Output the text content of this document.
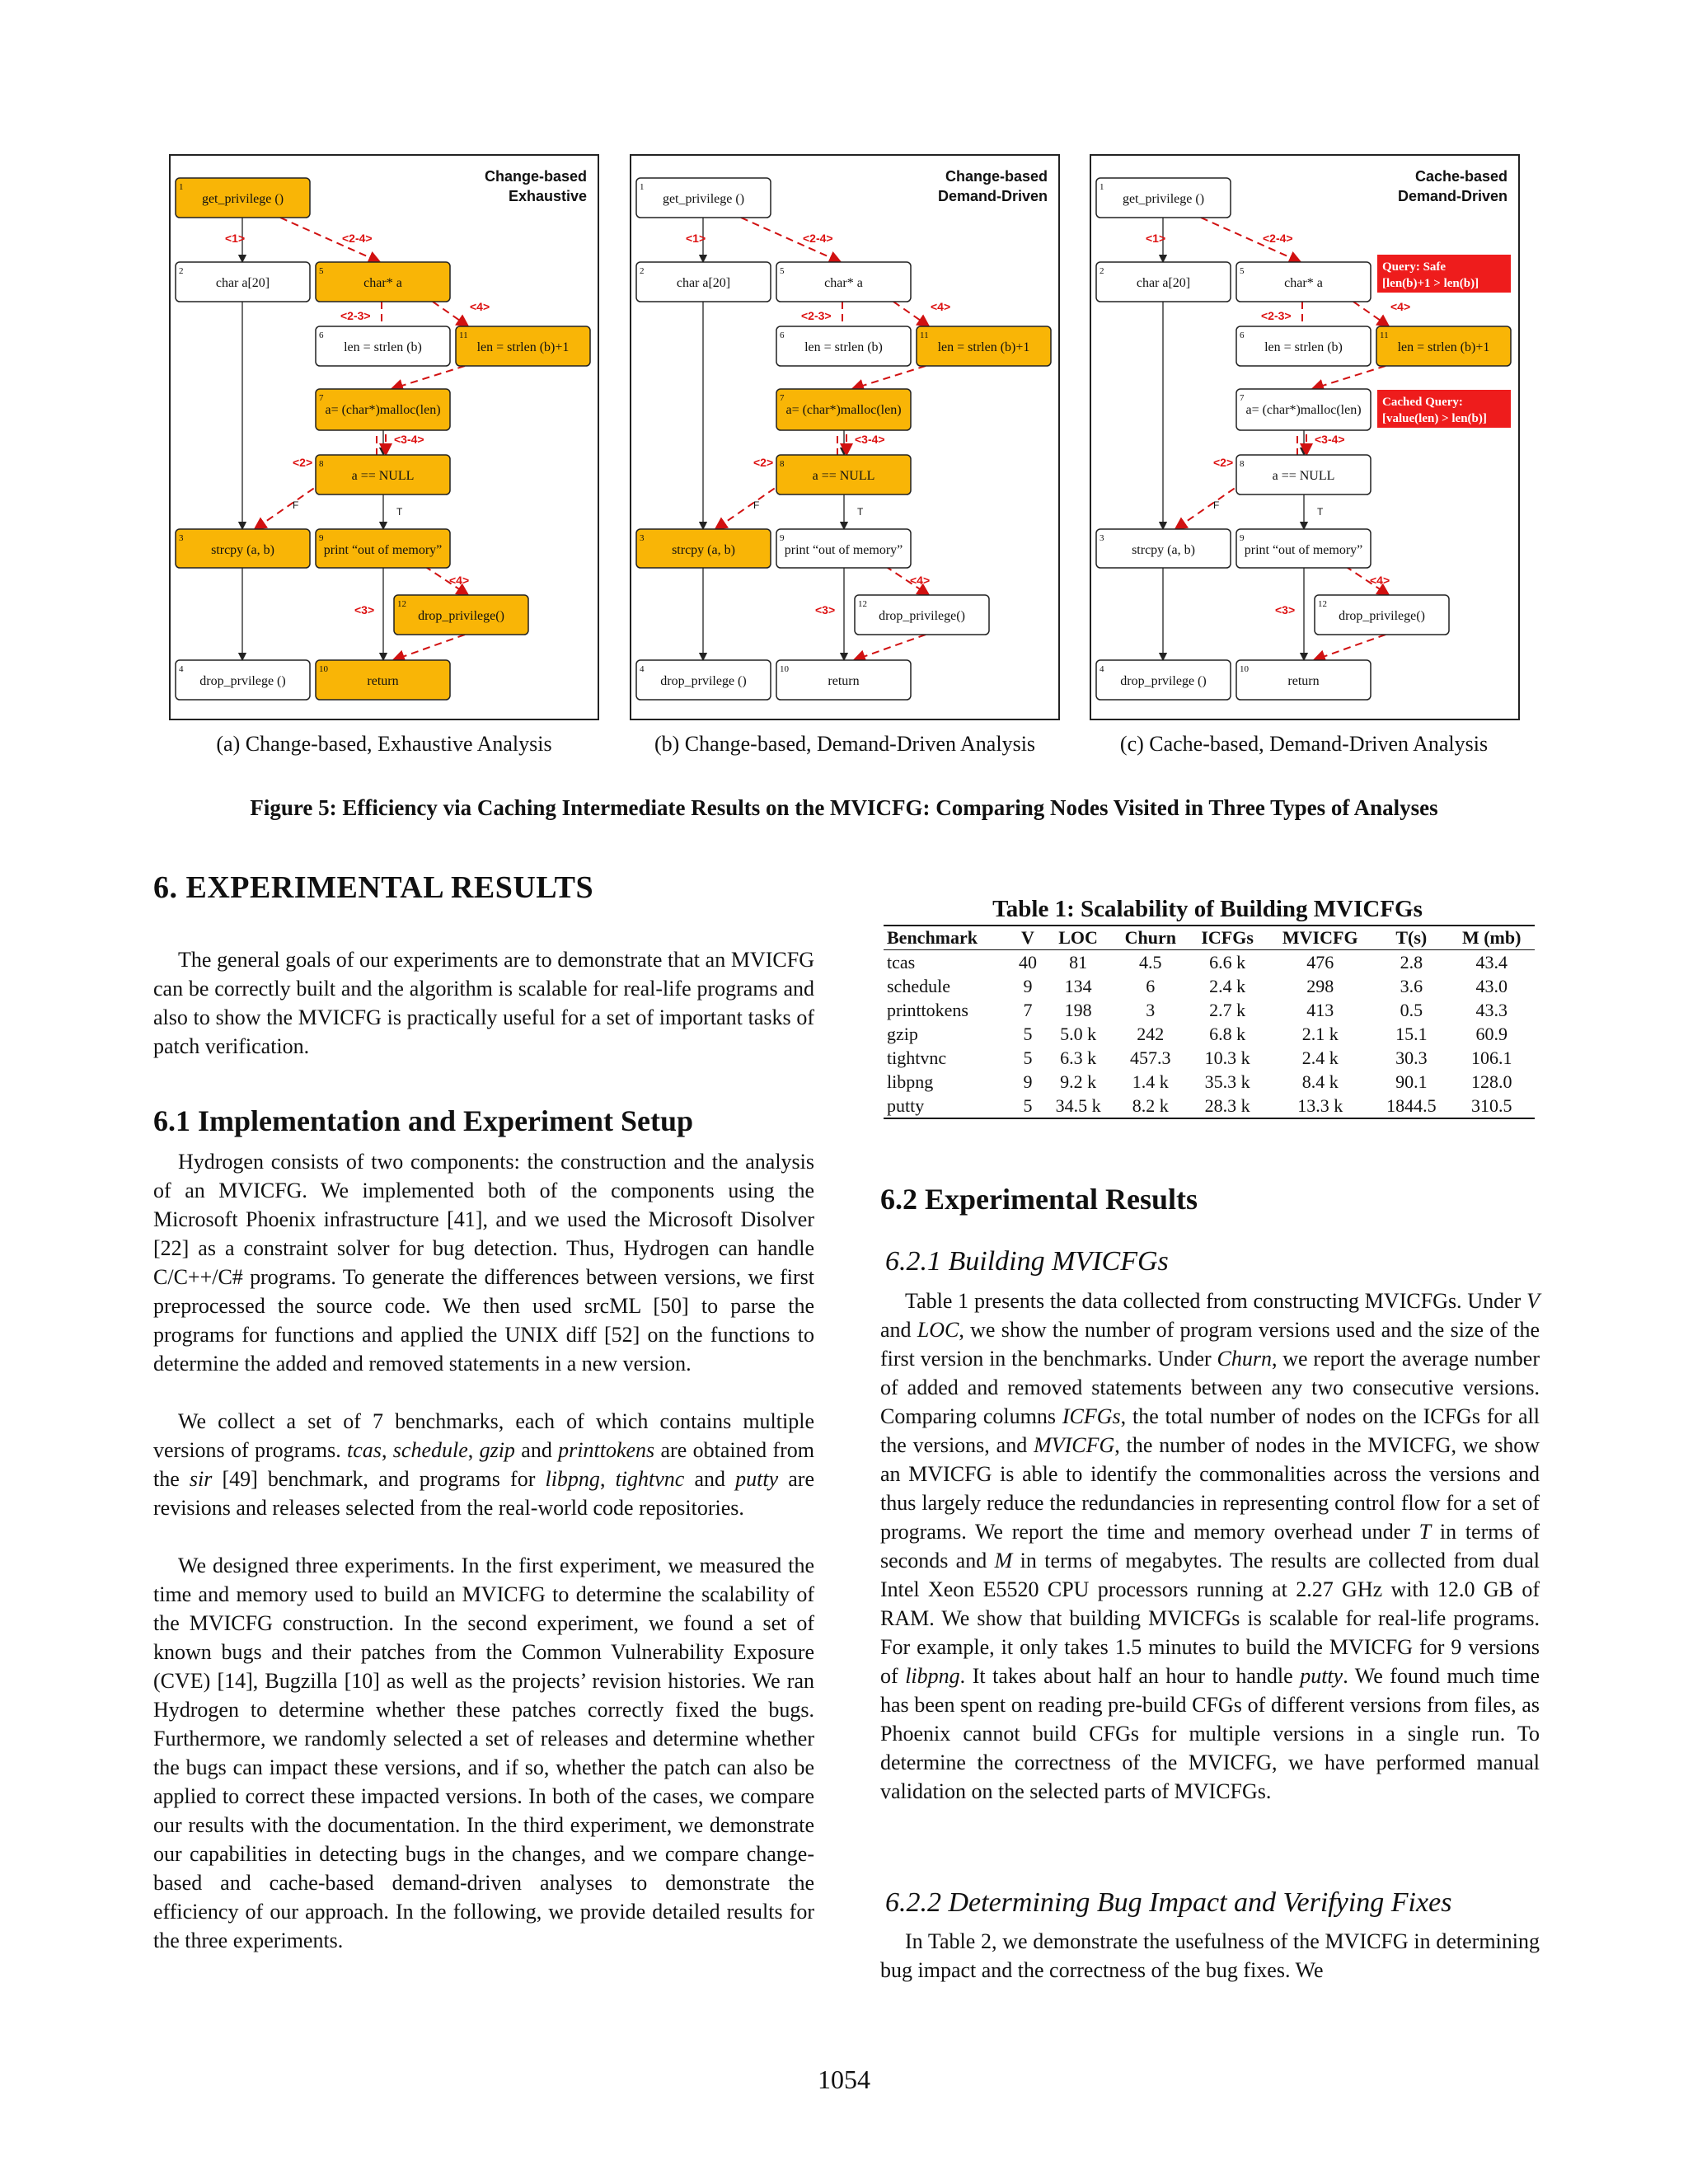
Change-based
Exhaustive
<1>	<2-4>
<2-3>
<4>
<3-4>
<2>
<4>
<3>
F
T
1
get_privilege ()
2
char a[20]
5
char* a
6
len = strlen (b)
11
len = strlen (b)+1
7
a= (char*)malloc(len)
8
a == NULL
3
strcpy (a, b)
9
print “out of memory”
12
drop_privilege()
4
drop_prvilege ()
10
return
Change-based
Demand-Driven
<1>	<2-4>
<2-3>
<4>
<3-4>
<2>
<4>
<3>
F
T
1
get_privilege ()
2
char a[20]
5
char* a
6
len = strlen (b)
11
len = strlen (b)+1
7
a= (char*)malloc(len)
8
a == NULL
3
strcpy (a, b)
9
print “out of memory”
12
drop_privilege()
4
drop_prvilege ()
10
return
Cache-based
Demand-Driven
<1>	<2-4>
<2-3>
<4>
<3-4>
<2>
<4>
<3>
F
T
1
get_privilege ()
2
char a[20]
5
char* a
6
len = strlen (b)
11
len = strlen (b)+1
7
a= (char*)malloc(len)
8
a == NULL
3
strcpy (a, b)
9
print “out of memory”
12
drop_privilege()
4
drop_prvilege ()
10
return
Query: Safe
[len(b)+1 > len(b)]
Cached Query:
[value(len) > len(b)]
(a) Change-based, Exhaustive Analysis	(b) Change-based, Demand-Driven Analysis	(c) Cache-based, Demand-Driven Analysis
Figure 5: Efficiency via Caching Intermediate Results on the MVICFG: Comparing Nodes Visited in Three Types of Analyses
6. EXPERIMENTAL RESULTS

The general goals of our experiments are to demonstrate that an MVICFG can be correctly built and the algorithm is scalable for real-life programs and also to show the MVICFG is practically useful for a set of important tasks of patch verification.

6.1 Implementation and Experiment Setup

Hydrogen consists of two components: the construction and the analysis of an MVICFG. We implemented both of the components using the Microsoft Phoenix infrastructure [41], and we used the Microsoft Disolver [22] as a constraint solver for bug detection. Thus, Hydrogen can handle C/C++/C# programs. To generate the differences between versions, we first preprocessed the source code. We then used srcML [50] to parse the programs for functions and applied the UNIX diff [52] on the functions to determine the added and removed statements in a new version.

We collect a set of 7 benchmarks, each of which contains multiple versions of programs. tcas, schedule, gzip and printtokens are obtained from the sir [49] benchmark, and programs for libpng, tightvnc and putty are revisions and releases selected from the real-world code repositories.

We designed three experiments. In the first experiment, we measured the time and memory used to build an MVICFG to determine the scalability of the MVICFG construction. In the second experiment, we found a set of known bugs and their patches from the Common Vulnerability Exposure (CVE) [14], Bugzilla [10] as well as the projects’ revision histories. We ran Hydrogen to determine whether these patches correctly fixed the bugs. Furthermore, we randomly selected a set of releases and determine whether the bugs can impact these versions, and if so, whether the patch can also be applied to correct these impacted versions. In both of the cases, we compare our results with the documentation. In the third experiment, we demonstrate our capabilities in detecting bugs in the changes, and we compare change-based and cache-based demand-driven analyses to demonstrate the efficiency of our approach. In the following, we provide detailed results for the three experiments.

Table 1: Scalability of Building MVICFGs
Benchmark	V	LOC	Churn	ICFGs	MVICFG	T(s)	M (mb)
tcas	40	81	4.5	6.6 k	476	2.8	43.4
schedule	9	134	6	2.4 k	298	3.6	43.0
printtokens	7	198	3	2.7 k	413	0.5	43.3
gzip	5	5.0 k	242	6.8 k	2.1 k	15.1	60.9
tightvnc	5	6.3 k	457.3	10.3 k	2.4 k	30.3	106.1
libpng	9	9.2 k	1.4 k	35.3 k	8.4 k	90.1	128.0
putty	5	34.5 k	8.2 k	28.3 k	13.3 k	1844.5	310.5
6.2 Experimental Results
6.2.1 Building MVICFGs

Table 1 presents the data collected from constructing MVICFGs. Under V and LOC, we show the number of program versions used and the size of the first version in the benchmarks. Under Churn, we report the average number of added and removed statements between any two consecutive versions. Comparing columns ICFGs, the total number of nodes on the ICFGs for all the versions, and MVICFG, the number of nodes in the MVICFG, we show an MVICFG is able to identify the commonalities across the versions and thus largely reduce the redundancies in representing control flow for a set of programs. We report the time and memory overhead under T in terms of seconds and M in terms of megabytes. The results are collected from dual Intel Xeon E5520 CPU processors running at 2.27 GHz with 12.0 GB of RAM. We show that building MVICFGs is scalable for real-life programs. For example, it only takes 1.5 minutes to build the MVICFG for 9 versions of libpng. It takes about half an hour to handle putty. We found much time has been spent on reading pre-build CFGs of different versions from files, as Phoenix cannot build CFGs for multiple versions in a single run. To determine the correctness of the MVICFG, we have performed manual validation on the selected parts of MVICFGs.

6.2.2 Determining Bug Impact and Verifying Fixes

In Table 2, we demonstrate the usefulness of the MVICFG in determining bug impact and the correctness of the bug fixes. We

1054
